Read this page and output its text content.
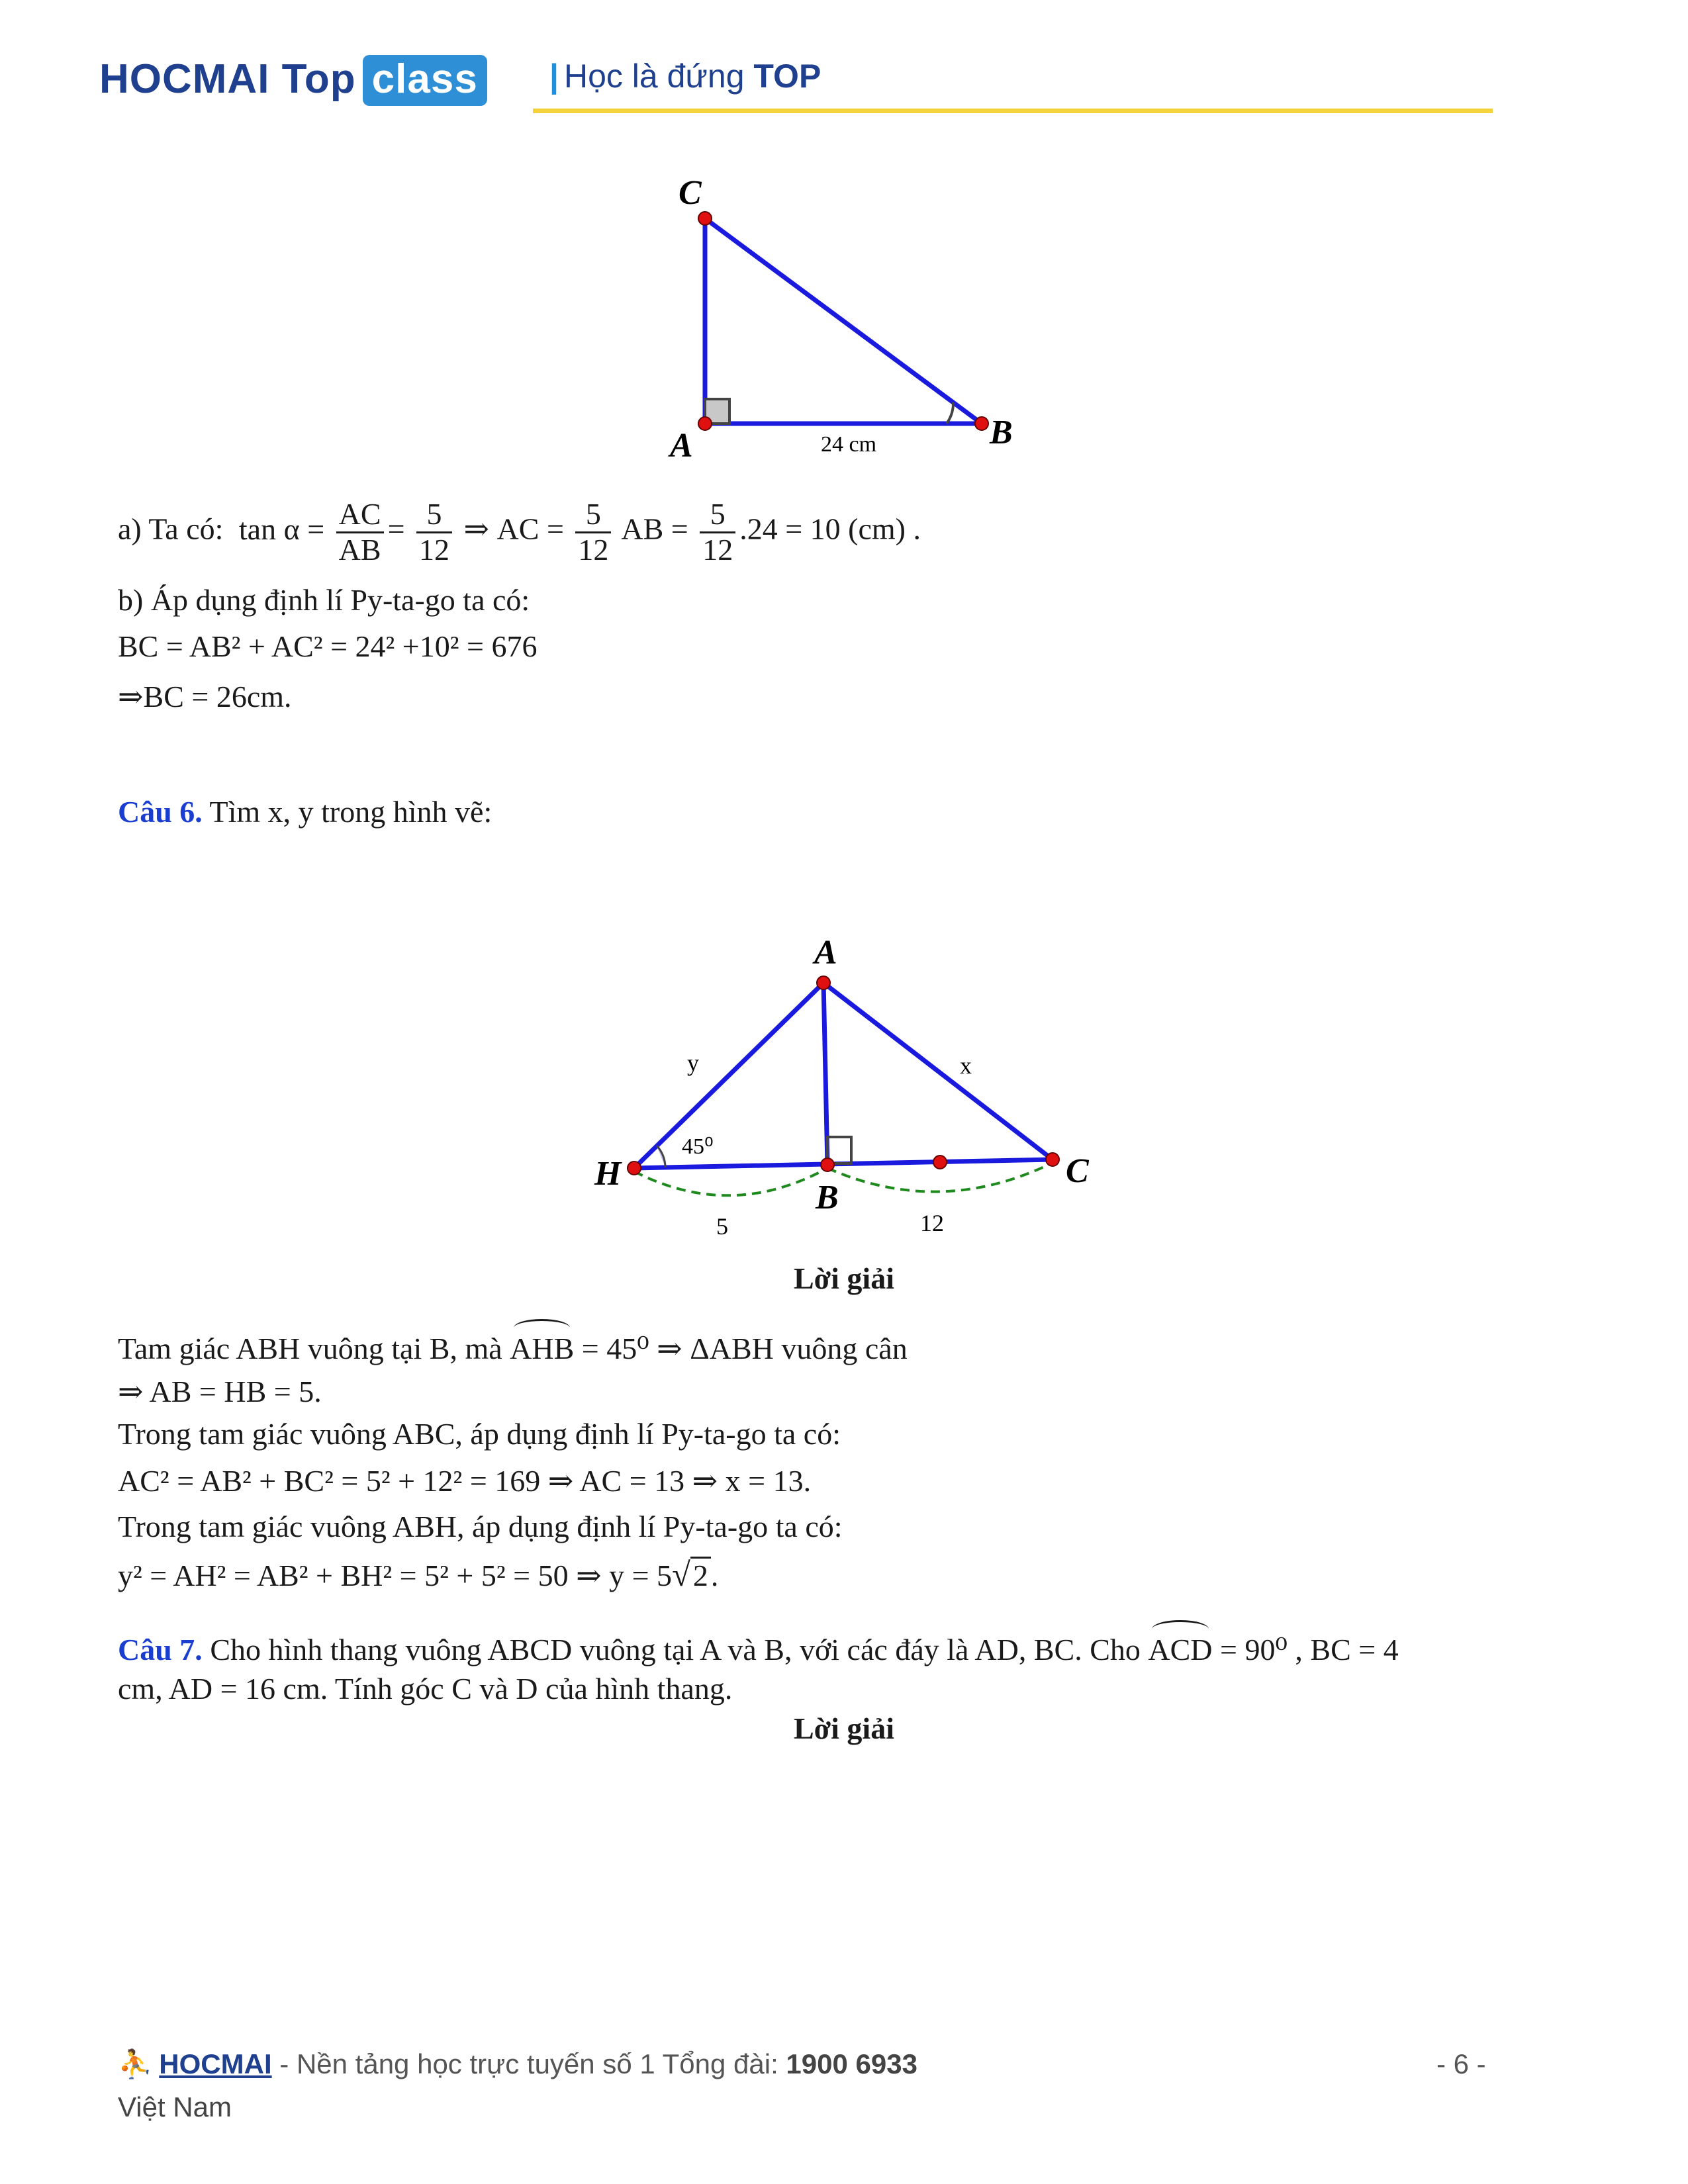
HOCMAI Top class | Học là đứng TOP
C
A	B
24 cm
A
H
B
C
y	x
45⁰
5	12
a) Ta có: $\tan \alpha = \frac{AC}{AB} = \frac{5}{12}$ ⇒ AC = $\frac{5}{12}$ AB = $\frac{5}{12} .24 = 10$ (cm) .
b) Áp dụng định lí Py-ta-go ta có:
BC = AB² + AC² = 24² +10² = 676
⇒BC = 26cm.
Câu 6. Tìm x, y trong hình vẽ:
Lời giải
Tam giác ABH vuông tại B, mà AHB = 45⁰ ⇒ ΔABH vuông cân
⇒ AB = HB = 5.
Trong tam giác vuông ABC, áp dụng định lí Py-ta-go ta có:
AC² = AB² + BC² = 5² + 12² = 169 ⇒ AC = 13 ⇒ x = 13.
Trong tam giác vuông ABH, áp dụng định lí Py-ta-go ta có:
y² = AH² = AB² + BH² = 5² + 5² = 50 ⇒ y = 5√2.
Câu 7. Cho hình thang vuông ABCD vuông tại A và B, với các đáy là AD, BC. Cho ACD = 90⁰ , BC = 4
cm, AD = 16 cm. Tính góc C và D của hình thang.
Lời giải
⛹ HOCMAI - Nền tảng học trực tuyến số 1 Tổng đài: 1900 6933
Việt Nam
- 6 -
